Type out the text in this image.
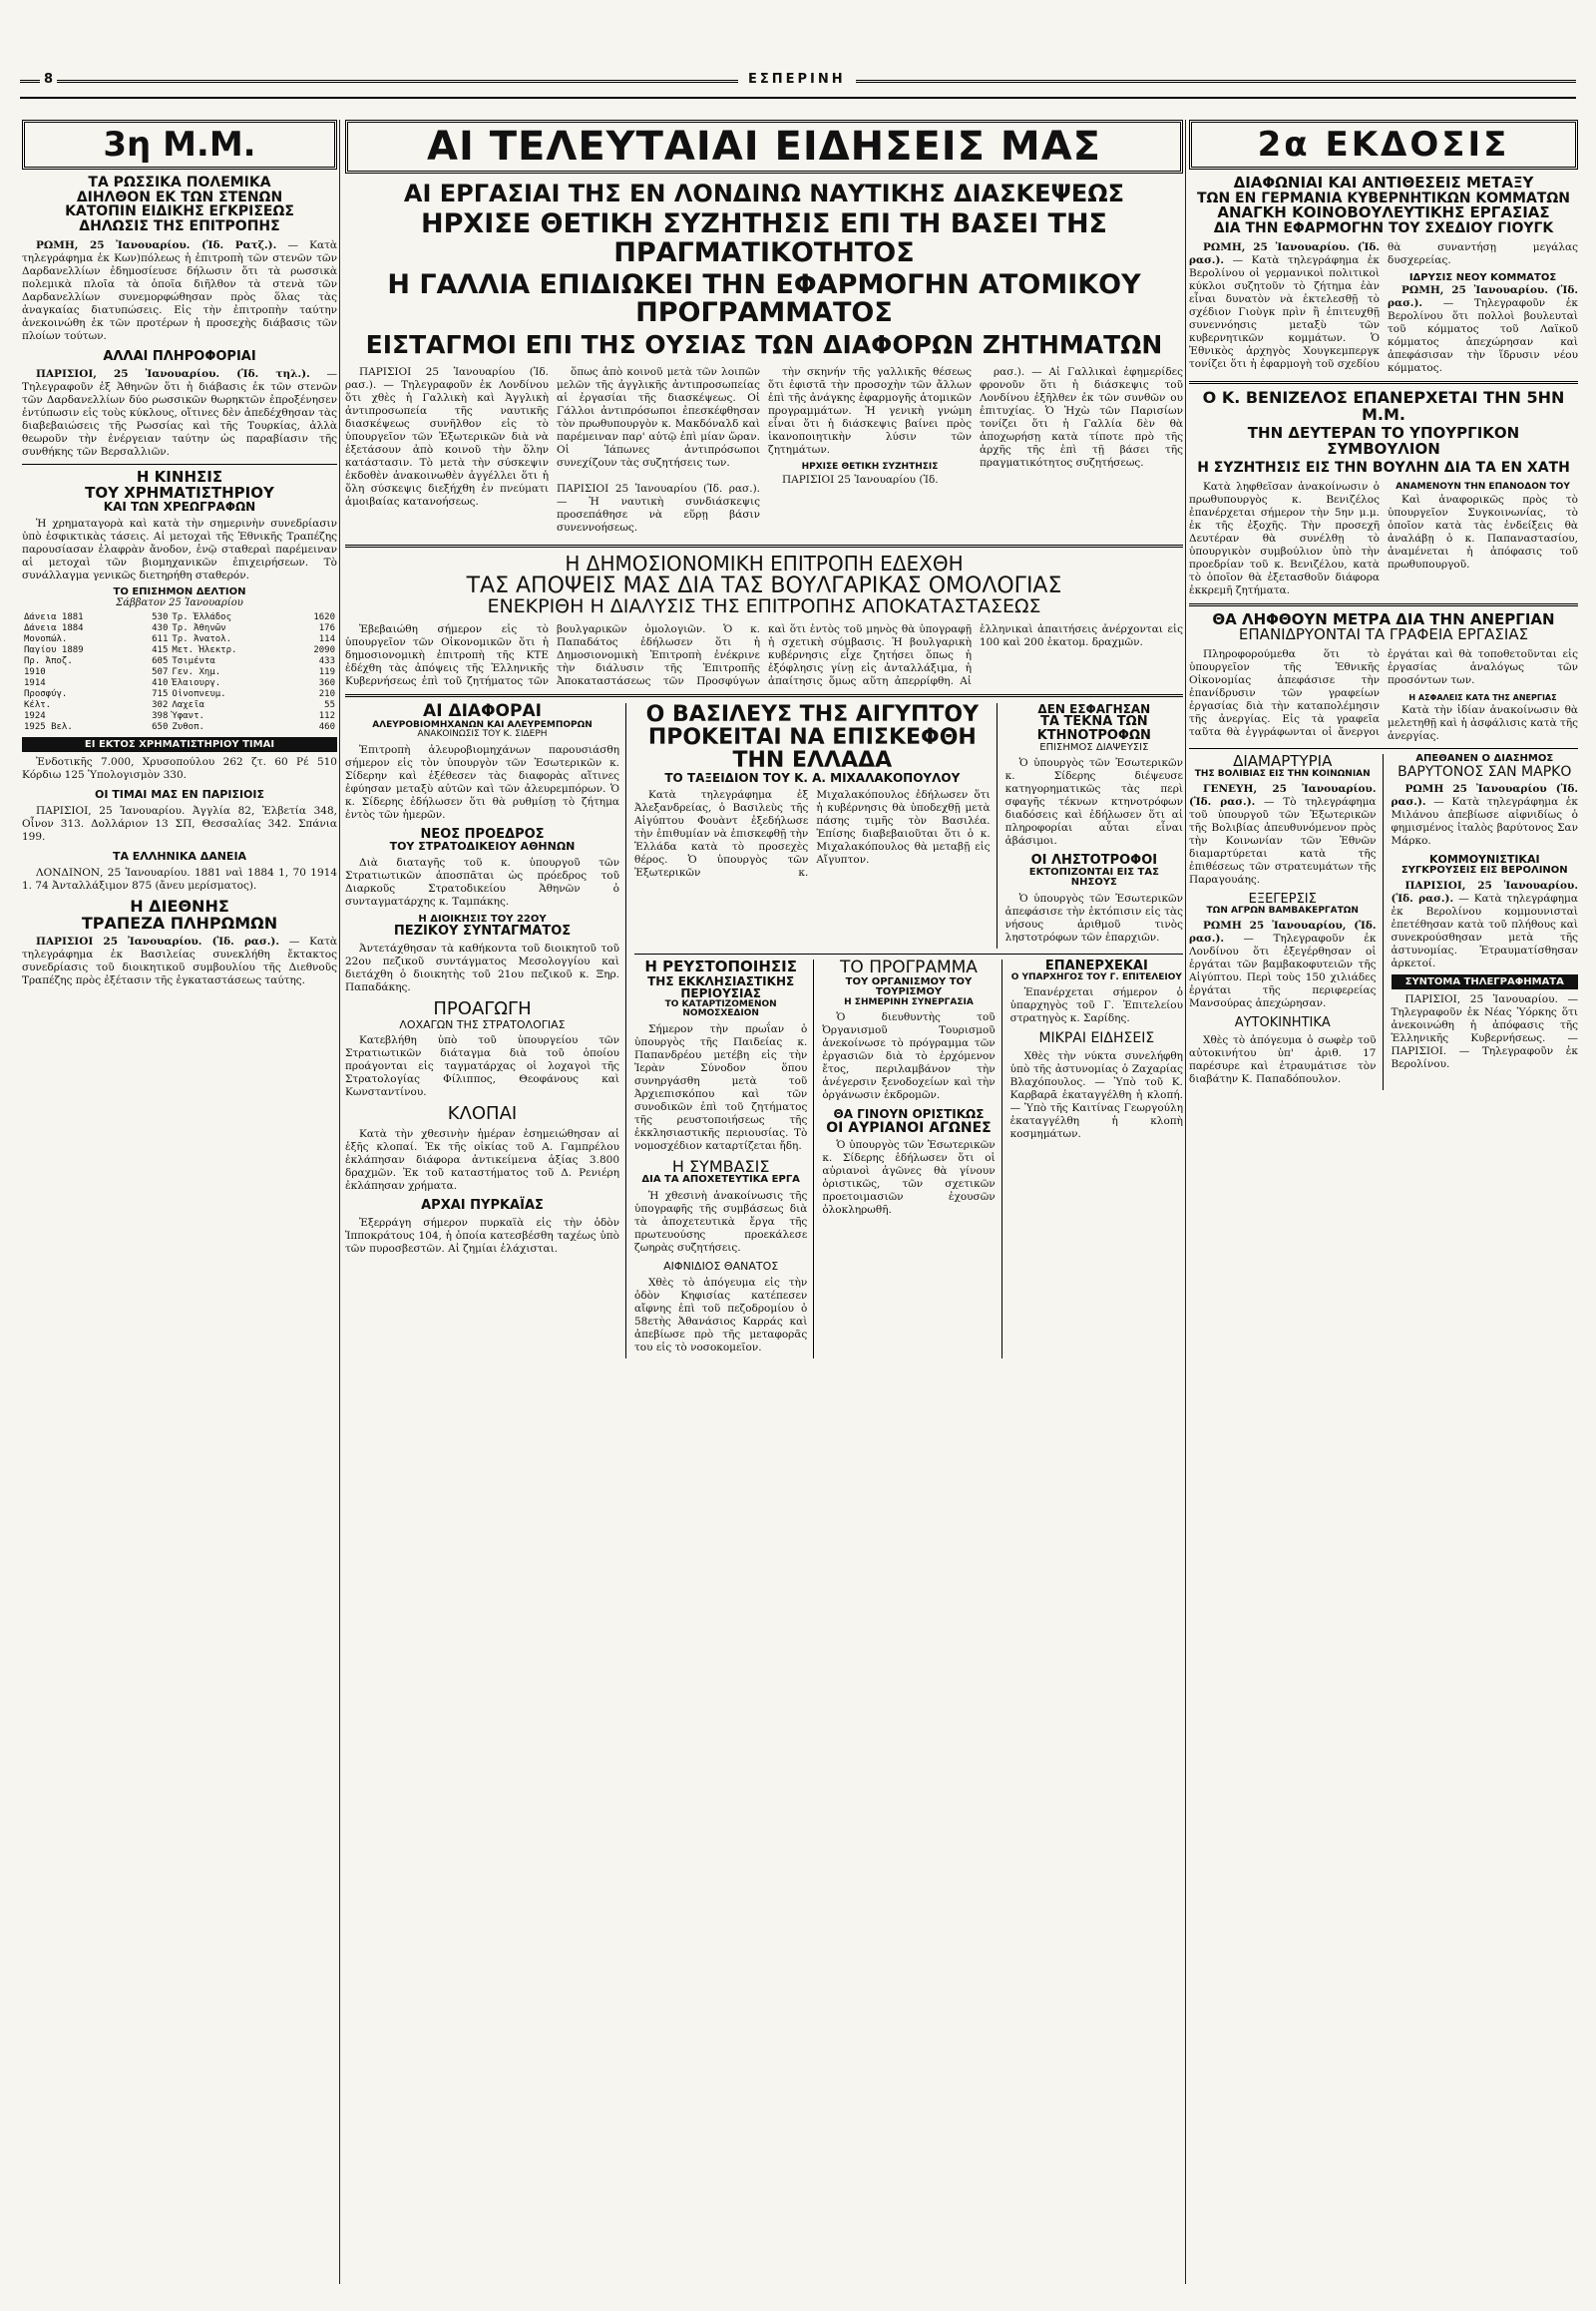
8	ΕΣΠΕΡΙΝΗ
3η Μ.Μ.
ΤΑ ΡΩΣΣΙΚΑ ΠΟΛΕΜΙΚΑ
ΔΙΗΛΘΟΝ ΕΚ ΤΩΝ ΣΤΕΝΩΝ
ΚΑΤΟΠΙΝ ΕΙΔΙΚΗΣ ΕΓΚΡΙΣΕΩΣ
ΔΗΛΩΣΙΣ ΤΗΣ ΕΠΙΤΡΟΠΗΣ

ΡΩΜΗ, 25 Ἰανουαρίου. (Ἰδ. Ρατζ.). — Κατὰ τηλεγράφημα ἐκ Κων)πόλεως ἡ ἐπιτροπὴ τῶν στενῶν τῶν Δαρδανελλίων ἐδημοσίευσε δήλωσιν ὅτι τὰ ρωσσικὰ πολεμικὰ πλοῖα τὰ ὁποῖα διῆλθον τὰ στενὰ τῶν Δαρδανελλίων συνεμορφώθησαν πρὸς ὅλας τὰς ἀναγκαίας διατυπώσεις. Εἰς τὴν ἐπιτροπὴν ταύτην ἀνεκοινώθη ἐκ τῶν προτέρων ἡ προσεχὴς διάβασις τῶν πλοίων τούτων.

ΑΛΛΑΙ ΠΛΗΡΟΦΟΡΙΑΙ

ΠΑΡΙΣΙΟΙ, 25 Ἰανουαρίου. (Ἰδ. τηλ.). — Τηλεγραφοῦν ἐξ Ἀθηνῶν ὅτι ἡ διάβασις ἐκ τῶν στενῶν τῶν Δαρδανελλίων δύο ρωσσικῶν θωρηκτῶν ἐπροξένησεν ἐντύπωσιν εἰς τοὺς κύκλους, οἵτινες δὲν ἀπεδέχθησαν τὰς διαβεβαιώσεις τῆς Ρωσσίας καὶ τῆς Τουρκίας, ἀλλὰ θεωροῦν τὴν ἐνέργειαν ταύτην ὡς παραβίασιν τῆς συνθήκης τῶν Βερσαλλιῶν.

Η ΚΙΝΗΣΙΣ
ΤΟΥ ΧΡΗΜΑΤΙΣΤΗΡΙΟΥ
ΚΑΙ ΤΩΝ ΧΡΕΩΓΡΑΦΩΝ

Ἡ χρηματαγορὰ καὶ κατὰ τὴν σημερινὴν συνεδρίασιν ὑπὸ ἐσφικτικὰς τάσεις. Αἱ μετοχαὶ τῆς Ἐθνικῆς Τραπέζης παρουσίασαν ἐλαφρὰν ἄνοδον, ἐνῷ σταθεραὶ παρέμειναν αἱ μετοχαὶ τῶν βιομηχανικῶν ἐπιχειρήσεων. Τὸ συνάλλαγμα γενικῶς διετηρήθη σταθερόν.

ΤΟ ΕΠΙΣΗΜΟΝ ΔΕΛΤΙΟΝ
Σάββατον 25 Ἰανουαρίου
Δάνεια 1881	530	Τρ. Ἑλλάδος	1620
Δάνεια 1884	430	Τρ. Ἀθηνῶν	176
Μονοπώλ.	611	Τρ. Ἀνατολ.	114
Παγίου 1889	415	Μετ. Ἡλεκτρ.	2090
Πρ. Ἀποζ.	605	Τσιμέντα	433
1910	507	Γεν. Χημ.	119
1914	410	Ἐλαιουργ.	360
Προσφύγ.	715	Οἰνοπνευμ.	210
Κέλτ.	302	Λαχεῖα	55
1924	398	Ὑφαντ.	112
1925 Βελ.	650	Ζυθοπ.	460
ΕΙ ΕΚΤΟΣ ΧΡΗΜΑΤΙΣΤΗΡΙΟΥ ΤΙΜΑΙ

Ἐνδοτικῆς 7.000, Χρυσοπούλου 262 ζτ. 60 Ρέ 510 Κόρδιω 125 Ὑπολογισμὸν 330.

ΟΙ ΤΙΜΑΙ ΜΑΣ ΕΝ ΠΑΡΙΣΙΟΙΣ

ΠΑΡΙΣΙΟΙ, 25 Ἰανουαρίου. Ἀγγλία 82, Ἑλβετία 348, Οἶνον 313. Δολλάριον 13 ΣΠ, Θεσσαλίας 342. Σπάνια 199.

ΤΑ ΕΛΛΗΝΙΚΑ ΔΑΝΕΙΑ

ΛΟΝΔΙΝΟΝ, 25 Ἰανουαρίου. 1881 ναὶ 1884 1, 70 1914 1. 74 Ἀνταλλάξιμον 875 (ἄνευ μερίσματος).

Η ΔΙΕΘΝΗΣ
ΤΡΑΠΕΖΑ ΠΛΗΡΩΜΩΝ

ΠΑΡΙΣΙΟΙ 25 Ἰανουαρίου. (Ἰδ. ρασ.). — Κατὰ τηλεγράφημα ἐκ Βασιλείας συνεκλήθη ἔκτακτος συνεδρίασις τοῦ διοικητικοῦ συμβουλίου τῆς Διεθνοῦς Τραπέζης πρὸς ἐξέτασιν τῆς ἐγκαταστάσεως ταύτης.

ΑΙ ΤΕΛΕΥΤΑΙΑΙ ΕΙΔΗΣΕΙΣ ΜΑΣ
ΑΙ ΕΡΓΑΣΙΑΙ ΤΗΣ ΕΝ ΛΟΝΔΙΝΩ ΝΑΥΤΙΚΗΣ ΔΙΑΣΚΕΨΕΩΣ
ΗΡΧΙΣΕ ΘΕΤΙΚΗ ΣΥΖΗΤΗΣΙΣ ΕΠΙ ΤΗ ΒΑΣΕΙ ΤΗΣ ΠΡΑΓΜΑΤΙΚΟΤΗΤΟΣ
Η ΓΑΛΛΙΑ ΕΠΙΔΙΩΚΕΙ ΤΗΝ ΕΦΑΡΜΟΓΗΝ ΑΤΟΜΙΚΟΥ ΠΡΟΓΡΑΜΜΑΤΟΣ
ΕΙΣΤΑΓΜΟΙ ΕΠΙ ΤΗΣ ΟΥΣΙΑΣ ΤΩΝ ΔΙΑΦΟΡΩΝ ΖΗΤΗΜΑΤΩΝ

ΠΑΡΙΣΙΟΙ 25 Ἰανουαρίου (Ἰδ. ρασ.). — Τηλεγραφοῦν ἐκ Λονδίνου ὅτι χθὲς ἡ Γαλλικὴ καὶ Ἀγγλικὴ ἀντιπροσωπεία τῆς ναυτικῆς διασκέψεως συνῆλθον εἰς τὸ ὑπουργεῖον τῶν Ἐξωτερικῶν διὰ νὰ ἐξετάσουν ἀπὸ κοινοῦ τὴν ὅλην κατάστασιν. Τὸ μετὰ τὴν σύσκεψιν ἐκδοθὲν ἀνακοινωθὲν ἀγγέλλει ὅτι ἡ ὅλη σύσκεψις διεξήχθη ἐν πνεύματι ἀμοιβαίας κατανοήσεως.

ὅπως ἀπὸ κοινοῦ μετὰ τῶν λοιπῶν μελῶν τῆς ἀγγλικῆς ἀντιπροσωπείας αἱ ἐργασίαι τῆς διασκέψεως. Οἱ Γάλλοι ἀντιπρόσωποι ἐπεσκέφθησαν τὸν πρωθυπουργὸν κ. Μακδόναλδ καὶ παρέμειναν παρ' αὐτῷ ἐπὶ μίαν ὥραν. Οἱ Ἰάπωνες ἀντιπρόσωποι συνεχίζουν τὰς συζητήσεις των.

ΠΑΡΙΣΙΟΙ 25 Ἰανουαρίου (Ἰδ. ρασ.). — Ἡ ναυτικὴ συνδιάσκεψις προσεπάθησε νὰ εὕρῃ βάσιν συνεννοήσεως.

τὴν σκηνήν τῆς γαλλικῆς θέσεως ὅτι ἐφιστᾶ τὴν προσοχὴν τῶν ἄλλων ἐπὶ τῆς ἀνάγκης ἐφαρμογῆς ἀτομικῶν προγραμμάτων. Ἡ γενικὴ γνώμη εἶναι ὅτι ἡ διάσκεψις βαίνει πρὸς ἱκανοποιητικὴν λύσιν τῶν ζητημάτων.

ΗΡΧΙΣΕ ΘΕΤΙΚΗ ΣΥΖΗΤΗΣΙΣ

ΠΑΡΙΣΙΟΙ 25 Ἰανουαρίου (Ἰδ.

ρασ.). — Αἱ Γαλλικαὶ ἐφημερίδες φρονοῦν ὅτι ἡ διάσκεψις τοῦ Λονδίνου ἐξῆλθεν ἐκ τῶν συνθῶν ου ἐπιτυχίας. Ὁ Ἠχὼ τῶν Παρισίων τονίζει ὅτι ἡ Γαλλία δὲν θὰ ἀποχωρήσῃ κατὰ τίποτε πρὸ τῆς ἀρχῆς τῆς ἐπὶ τῇ βάσει τῆς πραγματικότητος συζητήσεως.

Η ΔΗΜΟΣΙΟΝΟΜΙΚΗ ΕΠΙΤΡΟΠΗ ΕΔΕΧΘΗ
ΤΑΣ ΑΠΟΨΕΙΣ ΜΑΣ ΔΙΑ ΤΑΣ ΒΟΥΛΓΑΡΙΚΑΣ ΟΜΟΛΟΓΙΑΣ
ΕΝΕΚΡΙΘΗ Η ΔΙΑΛΥΣΙΣ ΤΗΣ ΕΠΙΤΡΟΠΗΣ ΑΠΟΚΑΤΑΣΤΑΣΕΩΣ

Ἐβεβαιώθη σήμερον εἰς τὸ ὑπουργεῖον τῶν Οἰκονομικῶν ὅτι ἡ δημοσιονομικὴ ἐπιτροπὴ τῆς ΚΤΕ ἐδέχθη τὰς ἀπόψεις τῆς Ἑλληνικῆς Κυβερνήσεως ἐπὶ τοῦ ζητήματος τῶν βουλγαρικῶν ὁμολογιῶν. Ὁ κ. Παπαδάτος ἐδήλωσεν ὅτι ἡ Δημοσιονομικὴ Ἐπιτροπὴ ἐνέκρινε τὴν διάλυσιν τῆς Ἐπιτροπῆς Ἀποκαταστάσεως τῶν Προσφύγων καὶ ὅτι ἐντὸς τοῦ μηνὸς θὰ ὑπογραφῇ ἡ σχετικὴ σύμβασις. Ἡ βουλγαρικὴ κυβέρνησις εἶχε ζητήσει ὅπως ἡ ἐξόφλησις γίνῃ εἰς ἀνταλλάξιμα, ἡ ἀπαίτησις ὅμως αὕτη ἀπερρίφθη. Αἱ ἑλληνικαὶ ἀπαιτήσεις ἀνέρχονται εἰς 100 καὶ 200 ἑκατομ. δραχμῶν.

ΑΙ ΔΙΑΦΟΡΑΙ
ΑΛΕΥΡΟΒΙΟΜΗΧΑΝΩΝ ΚΑΙ ΑΛΕΥΡΕΜΠΟΡΩΝ
ΑΝΑΚΟΙΝΩΣΙΣ ΤΟΥ Κ. ΣΙΔΕΡΗ

Ἐπιτροπὴ ἀλευροβιομηχάνων παρουσιάσθη σήμερον εἰς τὸν ὑπουργὸν τῶν Ἐσωτερικῶν κ. Σίδερην καὶ ἐξέθεσεν τὰς διαφορὰς αἵτινες ἐφύησαν μεταξὺ αὐτῶν καὶ τῶν ἀλευρεμπόρων. Ὁ κ. Σίδερης ἐδήλωσεν ὅτι θὰ ρυθμίσῃ τὸ ζήτημα ἐντὸς τῶν ἡμερῶν.

ΝΕΟΣ ΠΡΟΕΔΡΟΣ
ΤΟΥ ΣΤΡΑΤΟΔΙΚΕΙΟΥ ΑΘΗΝΩΝ

Διὰ διαταγῆς τοῦ κ. ὑπουργοῦ τῶν Στρατιωτικῶν ἀποσπᾶται ὡς πρόεδρος τοῦ Διαρκοῦς Στρατοδικείου Ἀθηνῶν ὁ συνταγματάρχης κ. Ταμπάκης.

Η ΔΙΟΙΚΗΣΙΣ ΤΟΥ 22ΟΥ
ΠΕΖΙΚΟΥ ΣΥΝΤΑΓΜΑΤΟΣ

Ἀντετάχθησαν τὰ καθήκοντα τοῦ διοικητοῦ τοῦ 22ου πεζικοῦ συντάγματος Μεσολογγίου καὶ διετάχθη ὁ διοικητὴς τοῦ 21ου πεζικοῦ κ. Ξηρ. Παπαδάκης.

ΠΡΟΑΓΩΓΗ
ΛΟΧΑΓΩΝ ΤΗΣ ΣΤΡΑΤΟΛΟΓΙΑΣ

Κατεβλήθη ὑπὸ τοῦ ὑπουργείου τῶν Στρατιωτικῶν διάταγμα διὰ τοῦ ὁποίου προάγονται εἰς ταγματάρχας οἱ λοχαγοὶ τῆς Στρατολογίας Φίλιππος, Θεοφάνους καὶ Κωνσταντίνου.

ΚΛΟΠΑΙ

Κατὰ τὴν χθεσινὴν ἡμέραν ἐσημειώθησαν αἱ ἑξῆς κλοπαί. Ἐκ τῆς οἰκίας τοῦ Α. Γαμπρέλου ἐκλάπησαν διάφορα ἀντικείμενα ἀξίας 3.800 δραχμῶν. Ἐκ τοῦ καταστήματος τοῦ Δ. Ρενιέρη ἐκλάπησαν χρήματα.

ΑΡΧΑΙ ΠΥΡΚΑΪΑΣ

Ἐξερράγη σήμερον πυρκαϊὰ εἰς τὴν ὁδὸν Ἱπποκράτους 104, ἡ ὁποία κατεσβέσθη ταχέως ὑπὸ τῶν πυροσβεστῶν. Αἱ ζημίαι ἐλάχισται.

Ο ΒΑΣΙΛΕΥΣ ΤΗΣ ΑΙΓΥΠΤΟΥ
ΠΡΟΚΕΙΤΑΙ ΝΑ ΕΠΙΣΚΕΦΘΗ ΤΗΝ ΕΛΛΑΔΑ
ΤΟ ΤΑΞΕΙΔΙΟΝ ΤΟΥ Κ. Α. ΜΙΧΑΛΑΚΟΠΟΥΛΟΥ

Κατὰ τηλεγράφημα ἐξ Ἀλεξανδρείας, ὁ Βασιλεὺς τῆς Αἰγύπτου Φουὰντ ἐξεδήλωσε τὴν ἐπιθυμίαν νὰ ἐπισκεφθῇ τὴν Ἑλλάδα κατὰ τὸ προσεχὲς θέρος. Ὁ ὑπουργὸς τῶν Ἐξωτερικῶν κ. Μιχαλακόπουλος ἐδήλωσεν ὅτι ἡ κυβέρνησις θὰ ὑποδεχθῇ μετὰ πάσης τιμῆς τὸν Βασιλέα. Ἐπίσης διαβεβαιοῦται ὅτι ὁ κ. Μιχαλακόπουλος θὰ μεταβῇ εἰς Αἴγυπτον.

ΔΕΝ ΕΣΦΑΓΗΣΑΝ
ΤΑ ΤΕΚΝΑ ΤΩΝ ΚΤΗΝΟΤΡΟΦΩΝ
ΕΠΙΣΗΜΟΣ ΔΙΑΨΕΥΣΙΣ

Ὁ ὑπουργὸς τῶν Ἐσωτερικῶν κ. Σίδερης διέψευσε κατηγορηματικῶς τὰς περὶ σφαγῆς τέκνων κτηνοτρόφων διαδόσεις καὶ ἐδήλωσεν ὅτι αἱ πληροφορίαι αὗται εἶναι ἀβάσιμοι.

ΟΙ ΛΗΣΤΟΤΡΟΦΟΙ
ΕΚΤΟΠΙΖΟΝΤΑΙ ΕΙΣ ΤΑΣ ΝΗΣΟΥΣ

Ὁ ὑπουργὸς τῶν Ἐσωτερικῶν ἀπεφάσισε τὴν ἐκτόπισιν εἰς τὰς νήσους ἀριθμοῦ τινὸς ληστοτρόφων τῶν ἐπαρχιῶν.

Η ΡΕΥΣΤΟΠΟΙΗΣΙΣ
ΤΗΣ ΕΚΚΛΗΣΙΑΣΤΙΚΗΣ ΠΕΡΙΟΥΣΙΑΣ
ΤΟ ΚΑΤΑΡΤΙΖΟΜΕΝΟΝ ΝΟΜΟΣΧΕΔΙΟΝ

Σήμερον τὴν πρωΐαν ὁ ὑπουργὸς τῆς Παιδείας κ. Παπανδρέου μετέβη εἰς τὴν Ἱερὰν Σύνοδον ὅπου συνηργάσθη μετὰ τοῦ Ἀρχιεπισκόπου καὶ τῶν συνοδικῶν ἐπὶ τοῦ ζητήματος τῆς ρευστοποιήσεως τῆς ἐκκλησιαστικῆς περιουσίας. Τὸ νομοσχέδιον καταρτίζεται ἤδη.

Η ΣΥΜΒΑΣΙΣ
ΔΙΑ ΤΑ ΑΠΟΧΕΤΕΥΤΙΚΑ ΕΡΓΑ

Ἡ χθεσινὴ ἀνακοίνωσις τῆς ὑπογραφῆς τῆς συμβάσεως διὰ τὰ ἀποχετευτικὰ ἔργα τῆς πρωτευούσης προεκάλεσε ζωηρὰς συζητήσεις.

ΑΙΦΝΙΔΙΟΣ ΘΑΝΑΤΟΣ

Χθὲς τὸ ἀπόγευμα εἰς τὴν ὁδὸν Κηφισίας κατέπεσεν αἴφνης ἐπὶ τοῦ πεζοδρομίου ὁ 58ετὴς Ἀθανάσιος Καρράς καὶ ἀπεβίωσε πρὸ τῆς μεταφορᾶς του εἰς τὸ νοσοκομεῖον.

ΤΟ ΠΡΟΓΡΑΜΜΑ
ΤΟΥ ΟΡΓΑΝΙΣΜΟΥ ΤΟΥ ΤΟΥΡΙΣΜΟΥ
Η ΣΗΜΕΡΙΝΗ ΣΥΝΕΡΓΑΣΙΑ

Ὁ διευθυντὴς τοῦ Ὀργανισμοῦ Τουρισμοῦ ἀνεκοίνωσε τὸ πρόγραμμα τῶν ἐργασιῶν διὰ τὸ ἐρχόμενον ἔτος, περιλαμβάνον τὴν ἀνέγερσιν ξενοδοχείων καὶ τὴν ὀργάνωσιν ἐκδρομῶν.

ΘΑ ΓΙΝΟΥΝ ΟΡΙΣΤΙΚΩΣ
ΟΙ ΑΥΡΙΑΝΟΙ ΑΓΩΝΕΣ

Ὁ ὑπουργὸς τῶν Ἐσωτερικῶν κ. Σίδερης ἐδήλωσεν ὅτι οἱ αὐριανοὶ ἀγῶνες θὰ γίνουν ὁριστικῶς, τῶν σχετικῶν προετοιμασιῶν ἐχουσῶν ὁλοκληρωθῆ.

ΕΠΑΝΕΡΧΕΚΑΙ
Ο ΥΠΑΡΧΗΓΟΣ ΤΟΥ Γ. ΕΠΙΤΕΛΕΙΟΥ

Ἐπανέρχεται σήμερον ὁ ὑπαρχηγὸς τοῦ Γ. Ἐπιτελείου στρατηγὸς κ. Σαρίδης.

ΜΙΚΡΑΙ ΕΙΔΗΣΕΙΣ

Χθὲς τὴν νύκτα συνελήφθη ὑπὸ τῆς ἀστυνομίας ὁ Ζαχαρίας Βλαχόπουλος. — Ὑπὸ τοῦ Κ. Καρβαρᾶ ἐκαταγγέλθη ἡ κλοπή. — Ὑπὸ τῆς Καιτίνας Γεωργούλη ἐκαταγγέλθη ἡ κλοπὴ κοσμημάτων.

2α ΕΚΔΟΣΙΣ
ΔΙΑΦΩΝΙΑΙ ΚΑΙ ΑΝΤΙΘΕΣΕΙΣ ΜΕΤΑΞΥ
ΤΩΝ ΕΝ ΓΕΡΜΑΝΙΑ ΚΥΒΕΡΝΗΤΙΚΩΝ ΚΟΜΜΑΤΩΝ
ΑΝΑΓΚΗ ΚΟΙΝΟΒΟΥΛΕΥΤΙΚΗΣ ΕΡΓΑΣΙΑΣ
ΔΙΑ ΤΗΝ ΕΦΑΡΜΟΓΗΝ ΤΟΥ ΣΧΕΔΙΟΥ ΓΙΟΥΓΚ

ΡΩΜΗ, 25 Ἰανουαρίου. (Ἰδ. ρασ.). — Κατὰ τηλεγράφημα ἐκ Βερολίνου οἱ γερμανικοὶ πολιτικοὶ κύκλοι συζητοῦν τὸ ζήτημα ἐὰν εἶναι δυνατὸν νὰ ἐκτελεσθῇ τὸ σχέδιον Γιοὺγκ πρὶν ἢ ἐπιτευχθῇ συνεννόησις μεταξὺ τῶν κυβερνητικῶν κομμάτων. Ὁ Ἐθνικὸς ἀρχηγὸς Χουγκεμπεργκ τονίζει ὅτι ἡ ἐφαρμογὴ τοῦ σχεδίου θὰ συναντήσῃ μεγάλας δυσχερείας.

ΙΔΡΥΣΙΣ ΝΕΟΥ ΚΟΜΜΑΤΟΣ

ΡΩΜΗ, 25 Ἰανουαρίου. (Ἰδ. ρασ.). — Τηλεγραφοῦν ἐκ Βερολίνου ὅτι πολλοὶ βουλευταὶ τοῦ κόμματος τοῦ Λαϊκοῦ κόμματος ἀπεχώρησαν καὶ ἀπεφάσισαν τὴν ἵδρυσιν νέου κόμματος.

Ο Κ. ΒΕΝΙΖΕΛΟΣ ΕΠΑΝΕΡΧΕΤΑΙ ΤΗΝ 5ΗΝ Μ.Μ.
ΤΗΝ ΔΕΥΤΕΡΑΝ ΤΟ ΥΠΟΥΡΓΙΚΟΝ ΣΥΜΒΟΥΛΙΟΝ
Η ΣΥΖΗΤΗΣΙΣ ΕΙΣ ΤΗΝ ΒΟΥΛΗΝ ΔΙΑ ΤΑ ΕΝ ΧΑΤΗ

Κατὰ ληφθεῖσαν ἀνακοίνωσιν ὁ πρωθυπουργὸς κ. Βενιζέλος ἐπανέρχεται σήμερον τὴν 5ην μ.μ. ἐκ τῆς ἐξοχῆς. Τὴν προσεχῆ Δευτέραν θὰ συνέλθῃ τὸ ὑπουργικὸν συμβούλιον ὑπὸ τὴν προεδρίαν τοῦ κ. Βενιζέλου, κατὰ τὸ ὁποῖον θὰ ἐξετασθοῦν διάφορα ἐκκρεμῆ ζητήματα.

ΑΝΑΜΕΝΟΥΝ ΤΗΝ ΕΠΑΝΟΔΟΝ ΤΟΥ

Καὶ ἀναφορικῶς πρὸς τὸ ὑπουργεῖον Συγκοινωνίας, τὸ ὁποῖον κατὰ τὰς ἐνδείξεις θὰ ἀναλάβῃ ὁ κ. Παπαναστασίου, ἀναμένεται ἡ ἀπόφασις τοῦ πρωθυπουργοῦ.

ΘΑ ΛΗΦΘΟΥΝ ΜΕΤΡΑ ΔΙΑ ΤΗΝ ΑΝΕΡΓΙΑΝ
ΕΠΑΝΙΔΡΥΟΝΤΑΙ ΤΑ ΓΡΑΦΕΙΑ ΕΡΓΑΣΙΑΣ

Πληροφορούμεθα ὅτι τὸ ὑπουργεῖον τῆς Ἐθνικῆς Οἰκονομίας ἀπεφάσισε τὴν ἐπανίδρυσιν τῶν γραφείων ἐργασίας διὰ τὴν καταπολέμησιν τῆς ἀνεργίας. Εἰς τὰ γραφεῖα ταῦτα θὰ ἐγγράφωνται οἱ ἄνεργοι ἐργάται καὶ θὰ τοποθετοῦνται εἰς ἐργασίας ἀναλόγως τῶν προσόντων των.

Η ΑΣΦΑΛΕΙΣ ΚΑΤΑ ΤΗΣ ΑΝΕΡΓΙΑΣ

Κατὰ τὴν ἰδίαν ἀνακοίνωσιν θὰ μελετηθῇ καὶ ἡ ἀσφάλισις κατὰ τῆς ἀνεργίας.

ΔΙΑΜΑΡΤΥΡΙΑ
ΤΗΣ ΒΟΛΙΒΙΑΣ ΕΙΣ ΤΗΝ ΚΟΙΝΩΝΙΑΝ

ΓΕΝΕΥΗ, 25 Ἰανουαρίου. (Ἰδ. ρασ.). — Τὸ τηλεγράφημα τοῦ ὑπουργοῦ τῶν Ἐξωτερικῶν τῆς Βολιβίας ἀπευθυνόμενον πρὸς τὴν Κοινωνίαν τῶν Ἐθνῶν διαμαρτύρεται κατὰ τῆς ἐπιθέσεως τῶν στρατευμάτων τῆς Παραγουάης.

ΕΞΕΓΕΡΣΙΣ
ΤΩΝ ΑΓΡΩΝ ΒΑΜΒΑΚΕΡΓΑΤΩΝ

ΡΩΜΗ 25 Ἰανουαρίου, (Ἰδ. ρασ.). — Τηλεγραφοῦν ἐκ Λονδίνου ὅτι ἐξεγέρθησαν οἱ ἐργάται τῶν βαμβακοφυτειῶν τῆς Αἰγύπτου. Περὶ τοὺς 150 χιλιάδες ἐργάται τῆς περιφερείας Μανσούρας ἀπεχώρησαν.

ΑΥΤΟΚΙΝΗΤΙΚΑ

Χθὲς τὸ ἀπόγευμα ὁ σωφὲρ τοῦ αὐτοκινήτου ὑπ' ἀριθ. 17 παρέσυρε καὶ ἐτραυμάτισε τὸν διαβάτην Κ. Παπαδόπουλον.

ΑΠΕΘΑΝΕΝ Ο ΔΙΑΣΗΜΟΣ
ΒΑΡΥΤΟΝΟΣ ΣΑΝ ΜΑΡΚΟ

ΡΩΜΗ 25 Ἰανουαρίου (Ἰδ. ρασ.). — Κατὰ τηλεγράφημα ἐκ Μιλάνου ἀπεβίωσε αἰφνιδίως ὁ φημισμένος ἰταλὸς βαρύτονος Σαν Μάρκο.

ΚΟΜΜΟΥΝΙΣΤΙΚΑΙ
ΣΥΓΚΡΟΥΣΕΙΣ ΕΙΣ ΒΕΡΟΛΙΝΟΝ

ΠΑΡΙΣΙΟΙ, 25 Ἰανουαρίου. (Ἰδ. ρασ.). — Κατὰ τηλεγράφημα ἐκ Βερολίνου κομμουνισταὶ ἐπετέθησαν κατὰ τοῦ πλήθους καὶ συνεκρούσθησαν μετὰ τῆς ἀστυνομίας. Ἐτραυματίσθησαν ἀρκετοί.

ΣΥΝΤΟΜΑ ΤΗΛΕΓΡΑΦΗΜΑΤΑ

ΠΑΡΙΣΙΟΙ, 25 Ἰανουαρίου. — Τηλεγραφοῦν ἐκ Νέας Ὑόρκης ὅτι ἀνεκοινώθη ἡ ἀπόφασις τῆς Ἑλληνικῆς Κυβερνήσεως. — ΠΑΡΙΣΙΟΙ. — Τηλεγραφοῦν ἐκ Βερολίνου.
